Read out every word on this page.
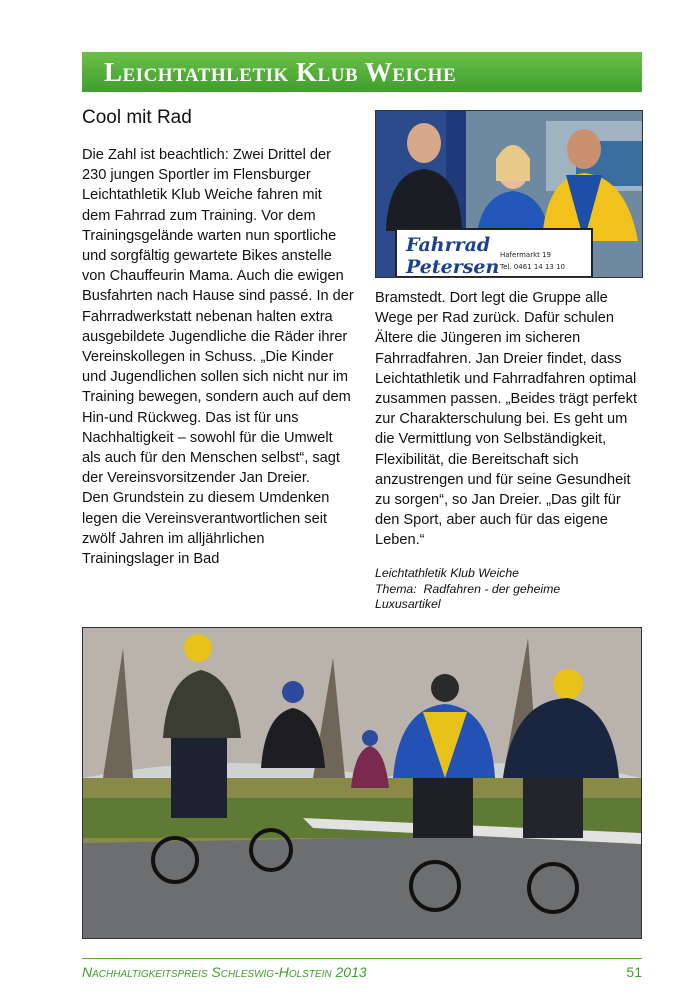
Leichtathletik Klub Weiche
Cool mit Rad

Die Zahl ist beachtlich: Zwei Drittel der 230 jungen Sportler im Flensburger Leichtathletik Klub Weiche fahren mit dem Fahrrad zum Training. Vor dem Trainingsgelände warten nun sportliche und sorgfältig gewartete Bikes anstelle von Chauffeurin Mama. Auch die ewigen Busfahrten nach Hause sind passé. In der Fahrradwerkstatt nebenan halten extra ausgebildete Jugendliche die Räder ihrer Vereinskollegen in Schuss. „Die Kinder und Jugendlichen sollen sich nicht nur im Training bewegen, sondern auch auf dem Hin-und Rückweg. Das ist für uns Nachhaltigkeit – sowohl für die Umwelt als auch für den Menschen selbst“, sagt der Vereinsvorsitzender Jan Dreier.

Den Grundstein zu diesem Umdenken legen die Vereinsverantwortlichen seit zwölf Jahren im alljährlichen Trainingslager in Bad

Fahrrad
Petersen
Hafermarkt 19
Tel. 0461 14 13 10

Bramstedt. Dort legt die Gruppe alle Wege per Rad zurück. Dafür schulen Ältere die Jüngeren im sicheren Fahrradfahren. Jan Dreier findet, dass Leichtathletik und Fahrradfahren optimal zusammen passen. „Beides trägt perfekt zur Charakterschulung bei. Es geht um die Vermittlung von Selbständigkeit, Flexibilität, die Bereitschaft sich anzustrengen und für seine Gesundheit zu sorgen“, so Jan Dreier. „Das gilt für den Sport, aber auch für das eigene Leben.“

Leichtathletik Klub Weiche
Thema:  Radfahren - der geheime
Luxusartikel
Nachhaltigkeitspreis Schleswig-Holstein 2013	51
